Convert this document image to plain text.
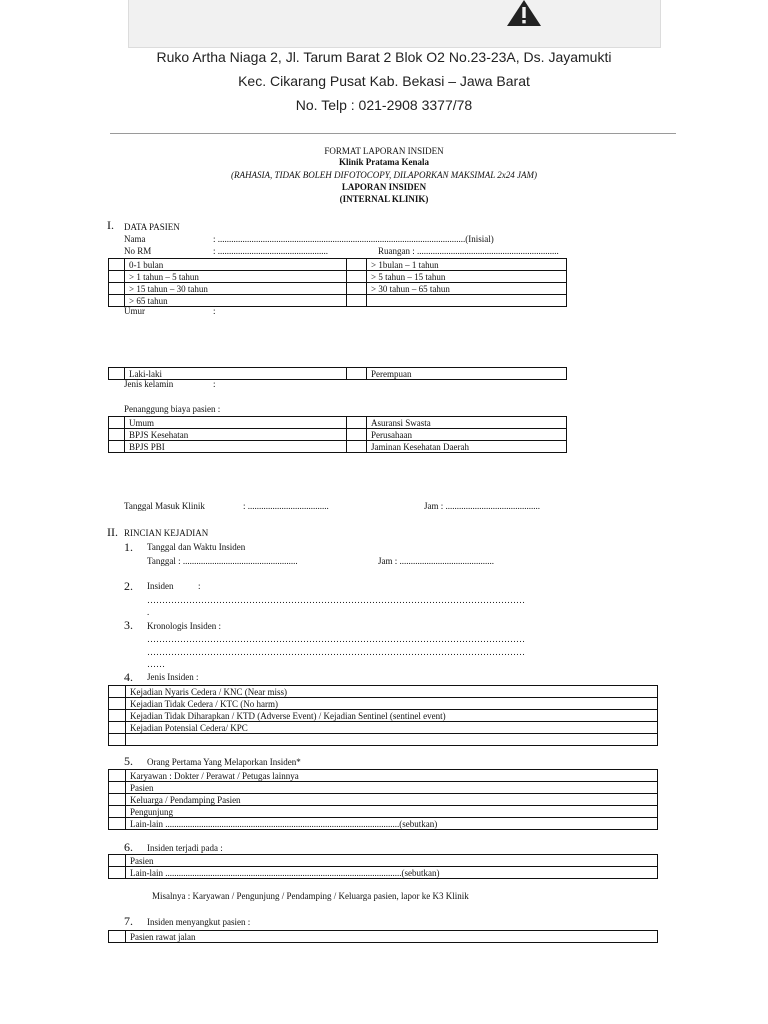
Ruko Artha Niaga 2, Jl. Tarum Barat 2 Blok O2 No.23-23A, Ds. Jayamukti
Kec. Cikarang Pusat Kab. Bekasi – Jawa Barat
No. Telp : 021-2908 3377/78
FORMAT LAPORAN INSIDEN
Klinik Pratama Kenala
(RAHASIA, TIDAK BOLEH DIFOTOCOPY, DILAPORKAN MAKSIMAL 2x24 JAM)
LAPORAN INSIDEN
(INTERNAL KLINIK)
I. DATA PASIEN
Nama	: ..............................................................................................................(Inisial)
No RM	: .................................................	Ruangan : ...............................................................
	0-1 bulan		> 1bulan – 1 tahun
	> 1 tahun – 5 tahun		> 5 tahun – 15 tahun
	> 15 tahun – 30 tahun		> 30 tahun – 65 tahun
	> 65 tahun		
Umur	:
	Laki-laki		Perempuan
Jenis kelamin	:
Penanggung biaya pasien :
	Umum		Asuransi Swasta
	BPJS Kesehatan		Perusahaan
	BPJS PBI		Jaminan Kesehatan Daerah
Tanggal Masuk Klinik	: ....................................	Jam : ..........................................
II. RINCIAN KEJADIAN
1. Tanggal dan Waktu Insiden
Tanggal : ...................................................	Jam : ..........................................
2. Insiden	:
………………………………………………………………………………………………………………
.
3. Kronologis Insiden :
………………………………………………………………………………………………………………
………………………………………………………………………………………………………………
……
4. Jenis Insiden :
	Kejadian Nyaris Cedera / KNC (Near miss)
	Kejadian Tidak Cedera / KTC (No harm)
	Kejadian Tidak Diharapkan / KTD (Adverse Event) / Kejadian Sentinel (sentinel event)
	Kejadian Potensial Cedera/ KPC

5. Orang Pertama Yang Melaporkan Insiden*
	Karyawan : Dokter / Perawat / Petugas lainnya
	Pasien
	Keluarga / Pendamping Pasien
	Pengunjung
	Lain-lain ........................................................................................................(sebutkan)
6. Insiden terjadi pada :
	Pasien
	Lain-lain .........................................................................................................(sebutkan)
Misalnya : Karyawan / Pengunjung / Pendamping / Keluarga pasien, lapor ke K3 Klinik
7. Insiden menyangkut pasien :
	Pasien rawat jalan
